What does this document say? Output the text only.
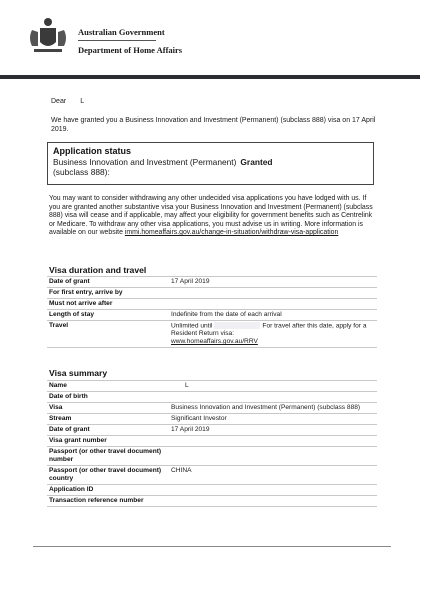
Australian Government
Department of Home Affairs
Dear L
We have granted you a Business Innovation and Investment (Permanent) (subclass 888) visa on 17 April 2019.
Application status
Business Innovation and Investment (Permanent) Granted
(subclass 888):
You may want to consider withdrawing any other undecided visa applications you have lodged with us. If you are granted another substantive visa your Business Innovation and Investment (Permanent) (subclass 888) visa will cease and if applicable, may affect your eligibility for government benefits such as Centrelink or Medicare. To withdraw any other visa applications, you must advise us in writing. More information is available on our website immi.homeaffairs.gov.au/change-in-situation/withdraw-visa-application
Visa duration and travel
Date of grant	17 April 2019
For first entry, arrive by	
Must not arrive after	
Length of stay	Indefinite from the date of each arrival
Travel	Unlimited until For travel after this date, apply for a Resident Return visa:
www.homeaffairs.gov.au/RRV
Visa summary
Name	L
Date of birth	
Visa	Business Innovation and Investment (Permanent) (subclass 888)
Stream	Significant Investor
Date of grant	17 April 2019
Visa grant number	
Passport (or other travel document) number	
Passport (or other travel document) country	CHINA
Application ID	
Transaction reference number	
